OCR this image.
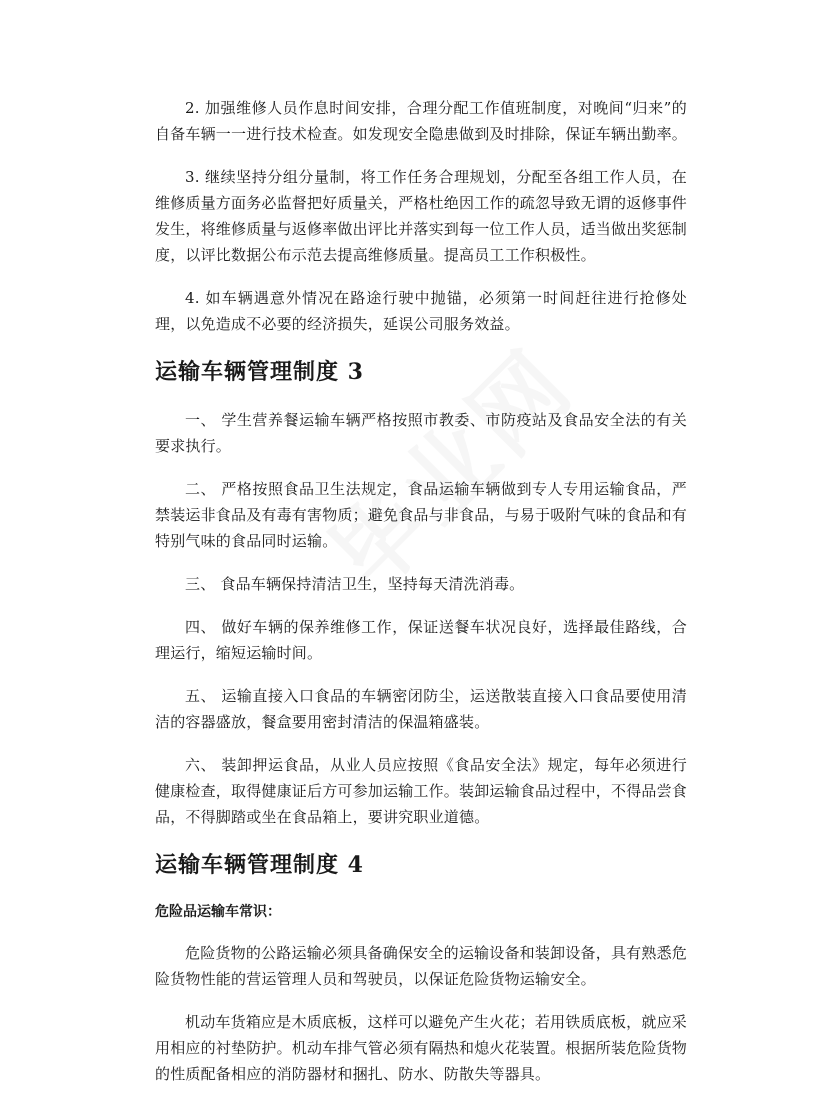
2. 加强维修人员作息时间安排，合理分配工作值班制度，对晚间“归来”的自备车辆一一进行技术检查。如发现安全隐患做到及时排除，保证车辆出勤率。

3. 继续坚持分组分量制，将工作任务合理规划，分配至各组工作人员，在维修质量方面务必监督把好质量关，严格杜绝因工作的疏忽导致无谓的返修事件发生，将维修质量与返修率做出评比并落实到每一位工作人员，适当做出奖惩制度，以评比数据公布示范去提高维修质量。提高员工工作积极性。

4. 如车辆遇意外情况在路途行驶中抛锚，必须第一时间赶往进行抢修处理，以免造成不必要的经济损失，延误公司服务效益。

运输车辆管理制度 3

一、 学生营养餐运输车辆严格按照市教委、市防疫站及食品安全法的有关要求执行。

二、 严格按照食品卫生法规定，食品运输车辆做到专人专用运输食品，严禁装运非食品及有毒有害物质；避免食品与非食品，与易于吸附气味的食品和有特别气味的食品同时运输。

三、 食品车辆保持清洁卫生，坚持每天清洗消毒。

四、 做好车辆的保养维修工作，保证送餐车状况良好，选择最佳路线，合理运行，缩短运输时间。

五、 运输直接入口食品的车辆密闭防尘，运送散装直接入口食品要使用清洁的容器盛放，餐盒要用密封清洁的保温箱盛装。

六、 装卸押运食品，从业人员应按照《食品安全法》规定，每年必须进行健康检查，取得健康证后方可参加运输工作。装卸运输食品过程中，不得品尝食品，不得脚踏或坐在食品箱上，要讲究职业道德。

运输车辆管理制度 4

危险品运输车常识：

危险货物的公路运输必须具备确保安全的运输设备和装卸设备，具有熟悉危险货物性能的营运管理人员和驾驶员，以保证危险货物运输安全。

机动车货箱应是木质底板，这样可以避免产生火花；若用铁质底板，就应采用相应的衬垫防护。机动车排气管必须有隔热和熄火花装置。根据所装危险货物的性质配备相应的消防器材和捆扎、防水、防散失等器具。
